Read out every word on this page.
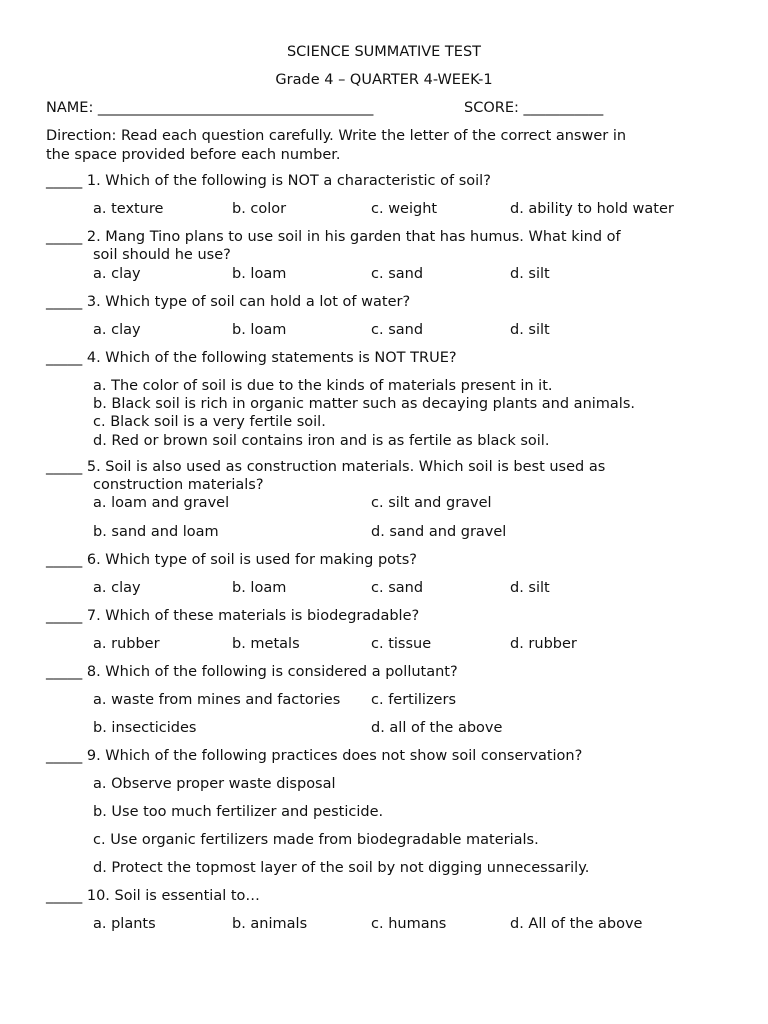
SCIENCE SUMMATIVE TEST
Grade 4 – QUARTER 4-WEEK-1
NAME: ______________________________________	SCORE: ___________
Direction: Read each question carefully. Write the letter of the correct answer in
the space provided before each number.
_____ 1. Which of the following is NOT a characteristic of soil?
a. texture	b. color	c. weight	d. ability to hold water
_____ 2. Mang Tino plans to use soil in his garden that has humus. What kind of
soil should he use?
a. clay	b. loam	c. sand	d. silt
_____ 3. Which type of soil can hold a lot of water?
a. clay	b. loam	c. sand	d. silt
_____ 4. Which of the following statements is NOT TRUE?
a. The color of soil is due to the kinds of materials present in it.
b. Black soil is rich in organic matter such as decaying plants and animals.
c. Black soil is a very fertile soil.
d. Red or brown soil contains iron and is as fertile as black soil.
_____ 5. Soil is also used as construction materials. Which soil is best used as
construction materials?
a. loam and gravel	c. silt and gravel
b. sand and loam	d. sand and gravel
_____ 6. Which type of soil is used for making pots?
a. clay	b. loam	c. sand	d. silt
_____ 7. Which of these materials is biodegradable?
a. rubber	b. metals	c. tissue	d. rubber
_____ 8. Which of the following is considered a pollutant?
a. waste from mines and factories c. fertilizers
b. insecticides	d. all of the above
_____ 9. Which of the following practices does not show soil conservation?
a. Observe proper waste disposal
b. Use too much fertilizer and pesticide.
c. Use organic fertilizers made from biodegradable materials.
d. Protect the topmost layer of the soil by not digging unnecessarily.
_____ 10. Soil is essential to…
a. plants	b. animals	c. humans	d. All of the above
